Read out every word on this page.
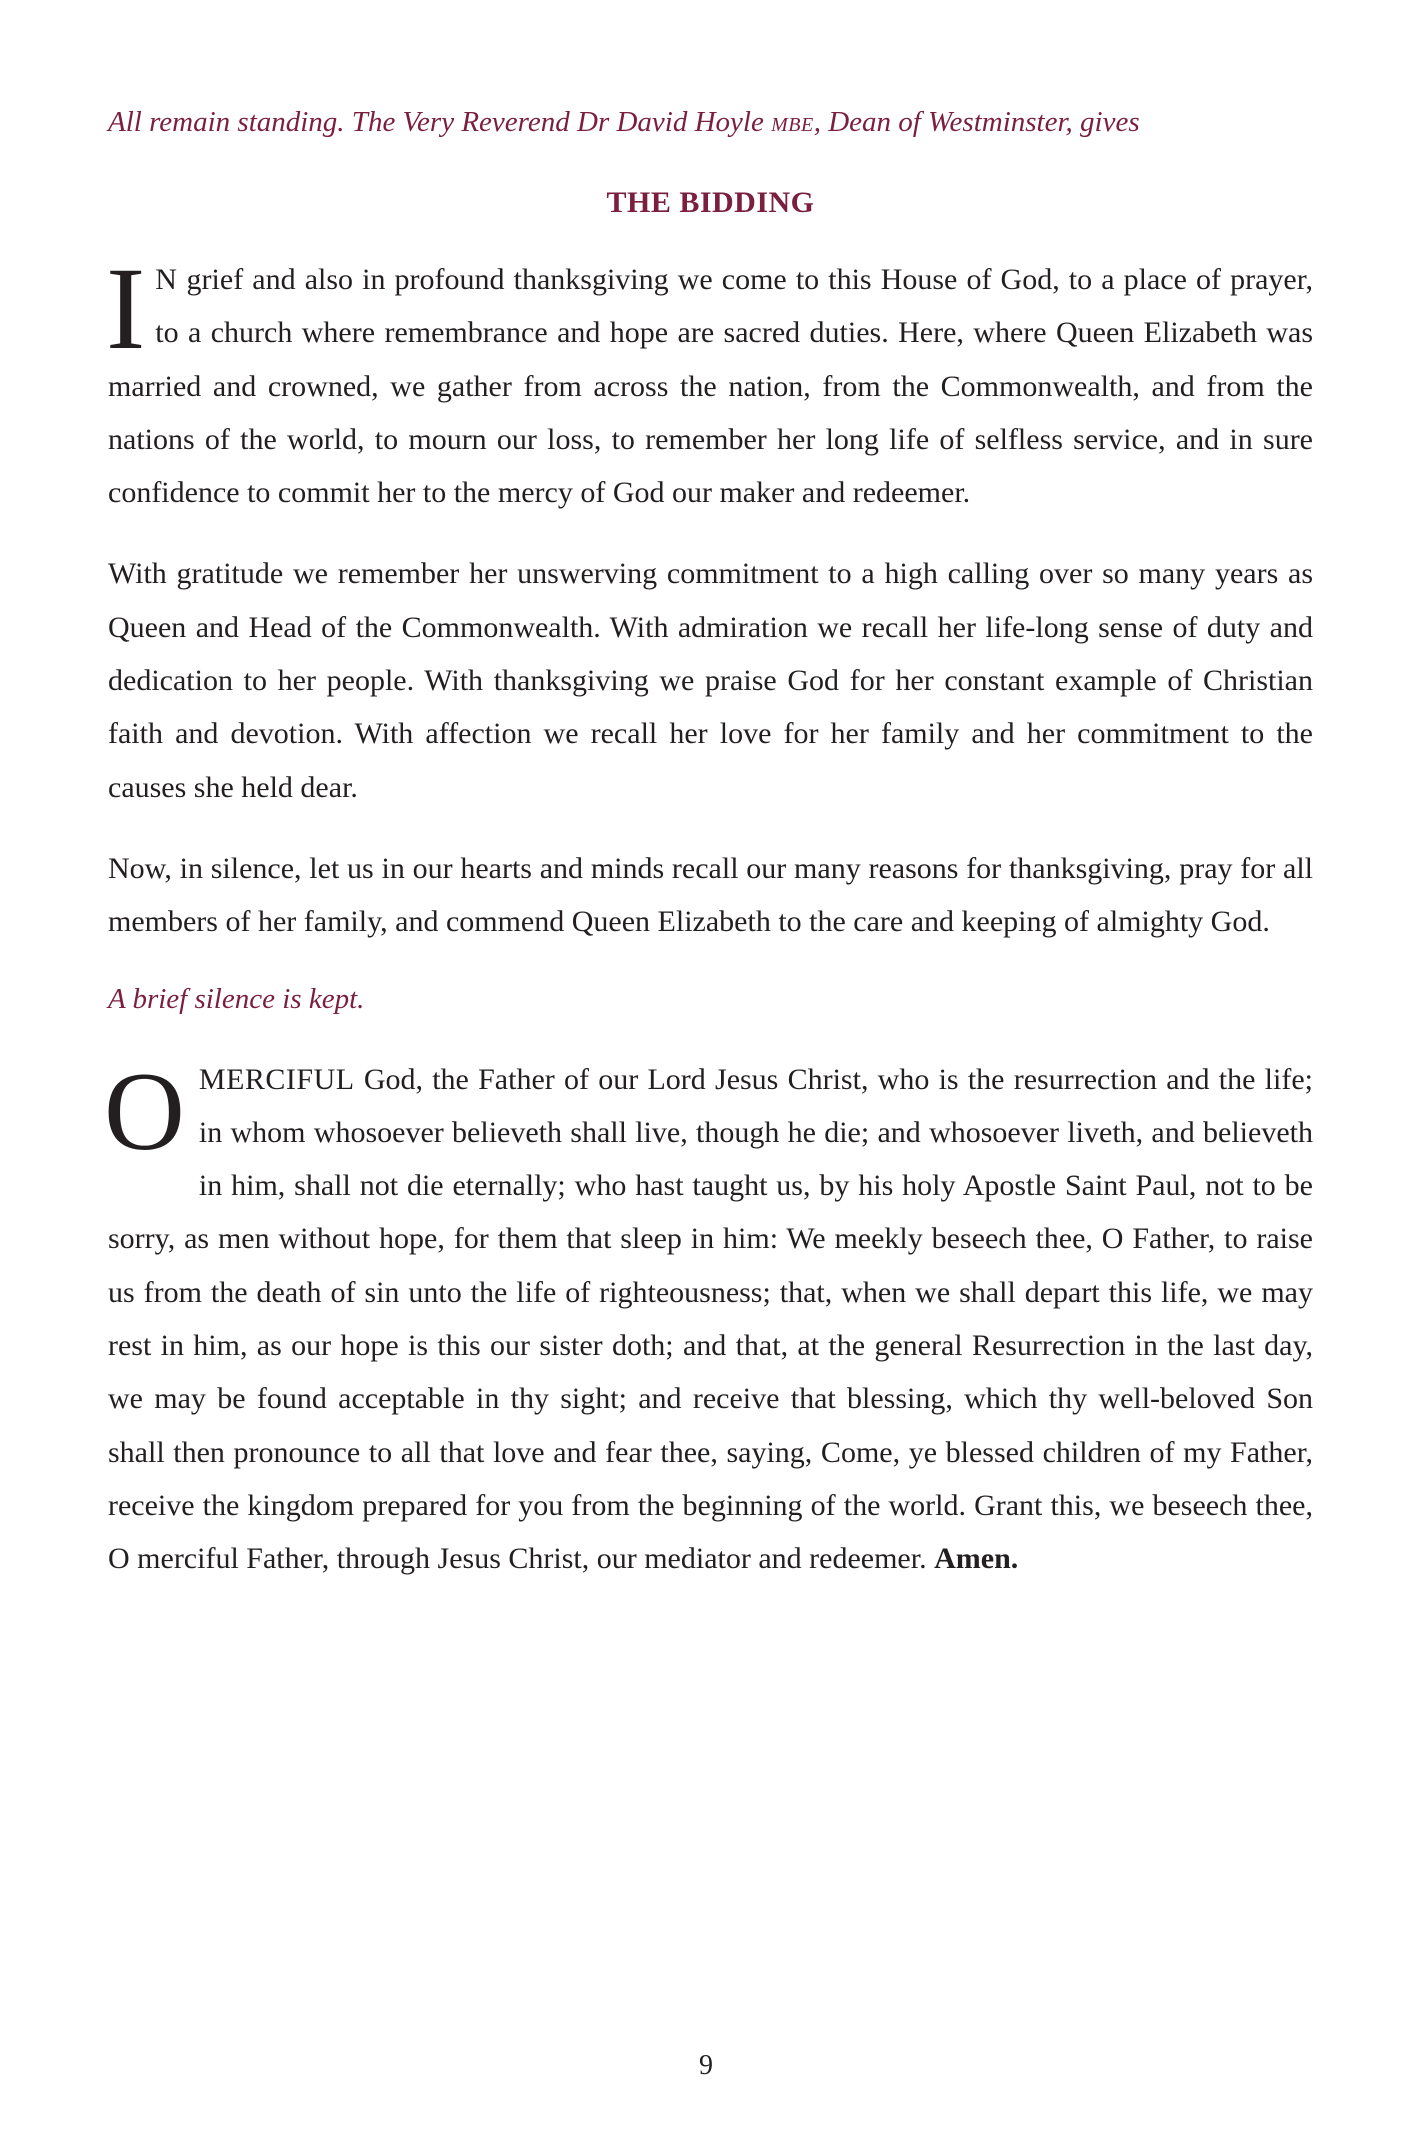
All remain standing. The Very Reverend Dr David Hoyle MBE, Dean of Westminster, gives

THE BIDDING

I N grief and also in profound thanksgiving we come to this House of God, to a place of prayer, to a church where remembrance and hope are sacred duties. Here, where Queen Elizabeth was married and crowned, we gather from across the nation, from the Commonwealth, and from the nations of the world, to mourn our loss, to remember her long life of selfless service, and in sure confidence to commit her to the mercy of God our maker and redeemer.

With gratitude we remember her unswerving commitment to a high calling over so many years as Queen and Head of the Commonwealth. With admiration we recall her life-long sense of duty and dedication to her people. With thanksgiving we praise God for her constant example of Christian faith and devotion. With affection we recall her love for her family and her commitment to the causes she held dear.

Now, in silence, let us in our hearts and minds recall our many reasons for thanksgiving, pray for all members of her family, and commend Queen Elizabeth to the care and keeping of almighty God.

A brief silence is kept.

OMERCIFUL God, the Father of our Lord Jesus Christ, who is the resurrection and the life; in whom whosoever believeth shall live, though he die; and whosoever liveth, and believeth in him, shall not die eternally; who hast taught us, by his holy Apostle Saint Paul, not to be sorry, as men without hope, for them that sleep in him: We meekly beseech thee, O Father, to raise us from the death of sin unto the life of righteousness; that, when we shall depart this life, we may rest in him, as our hope is this our sister doth; and that, at the general Resurrection in the last day, we may be found acceptable in thy sight; and receive that blessing, which thy well-beloved Son shall then pronounce to all that love and fear thee, saying, Come, ye blessed children of my Father, receive the kingdom prepared for you from the beginning of the world. Grant this, we beseech thee, O merciful Father, through Jesus Christ, our mediator and redeemer. Amen.

9
